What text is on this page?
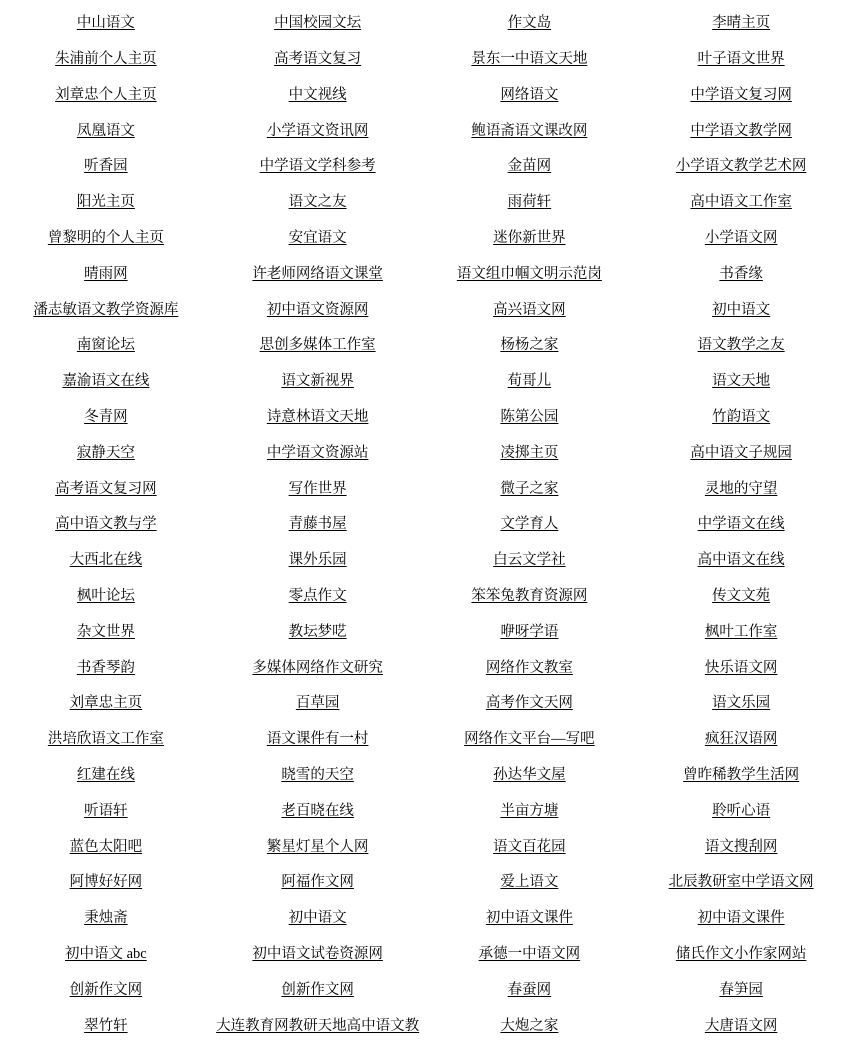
中山语文	中国校园文坛	作文岛	李晴主页
朱浦前个人主页	高考语文复习	景东一中语文天地	叶子语文世界
刘章忠个人主页	中文视线	网络语文	中学语文复习网
凤凰语文	小学语文资讯网	鲍语斋语文课改网	中学语文教学网
听香园	中学语文学科参考	金苗网	小学语文教学艺术网
阳光主页	语文之友	雨荷轩	高中语文工作室
曾黎明的个人主页	安宜语文	迷你新世界	小学语文网
晴雨网	许老师网络语文课堂	语文组巾帼文明示范岗	书香缘
潘志敏语文教学资源库	初中语文资源网	高兴语文网	初中语文
南窗论坛	思创多媒体工作室	杨杨之家	语文教学之友
嘉渝语文在线	语文新视界	荀哥儿	语文天地
冬青网	诗意林语文天地	陈第公园	竹韵语文
寂静天空	中学语文资源站	凌掷主页	高中语文子规园
高考语文复习网	写作世界	微子之家	灵地的守望
高中语文教与学	青藤书屋	文学育人	中学语文在线
大西北在线	课外乐园	白云文学社	高中语文在线
枫叶论坛	零点作文	笨笨兔教育资源网	传文文苑
杂文世界	教坛梦呓	咿呀学语	枫叶工作室
书香琴韵	多媒体网络作文研究	网络作文教室	快乐语文网
刘章忠主页	百草园	高考作文天网	语文乐园
洪培欣语文工作室	语文课件有一村	网络作文平台—写吧	疯狂汉语网
红建在线	晓雪的天空	孙达华文屋	曾昨稀教学生活网
听语轩	老百晓在线	半亩方塘	聆听心语
蓝色太阳吧	繁星灯星个人网	语文百花园	语文搜刮网
阿博好好网	阿福作文网	爱上语文	北辰教研室中学语文网
秉烛斋	初中语文	初中语文课件	初中语文课件
初中语文 abc	初中语文试卷资源网	承德一中语文网	储氏作文小作家网站
创新作文网	创新作文网	春蚕网	春笋园
翠竹轩	大连教育网教研天地高中语文教	大炮之家	大唐语文网
